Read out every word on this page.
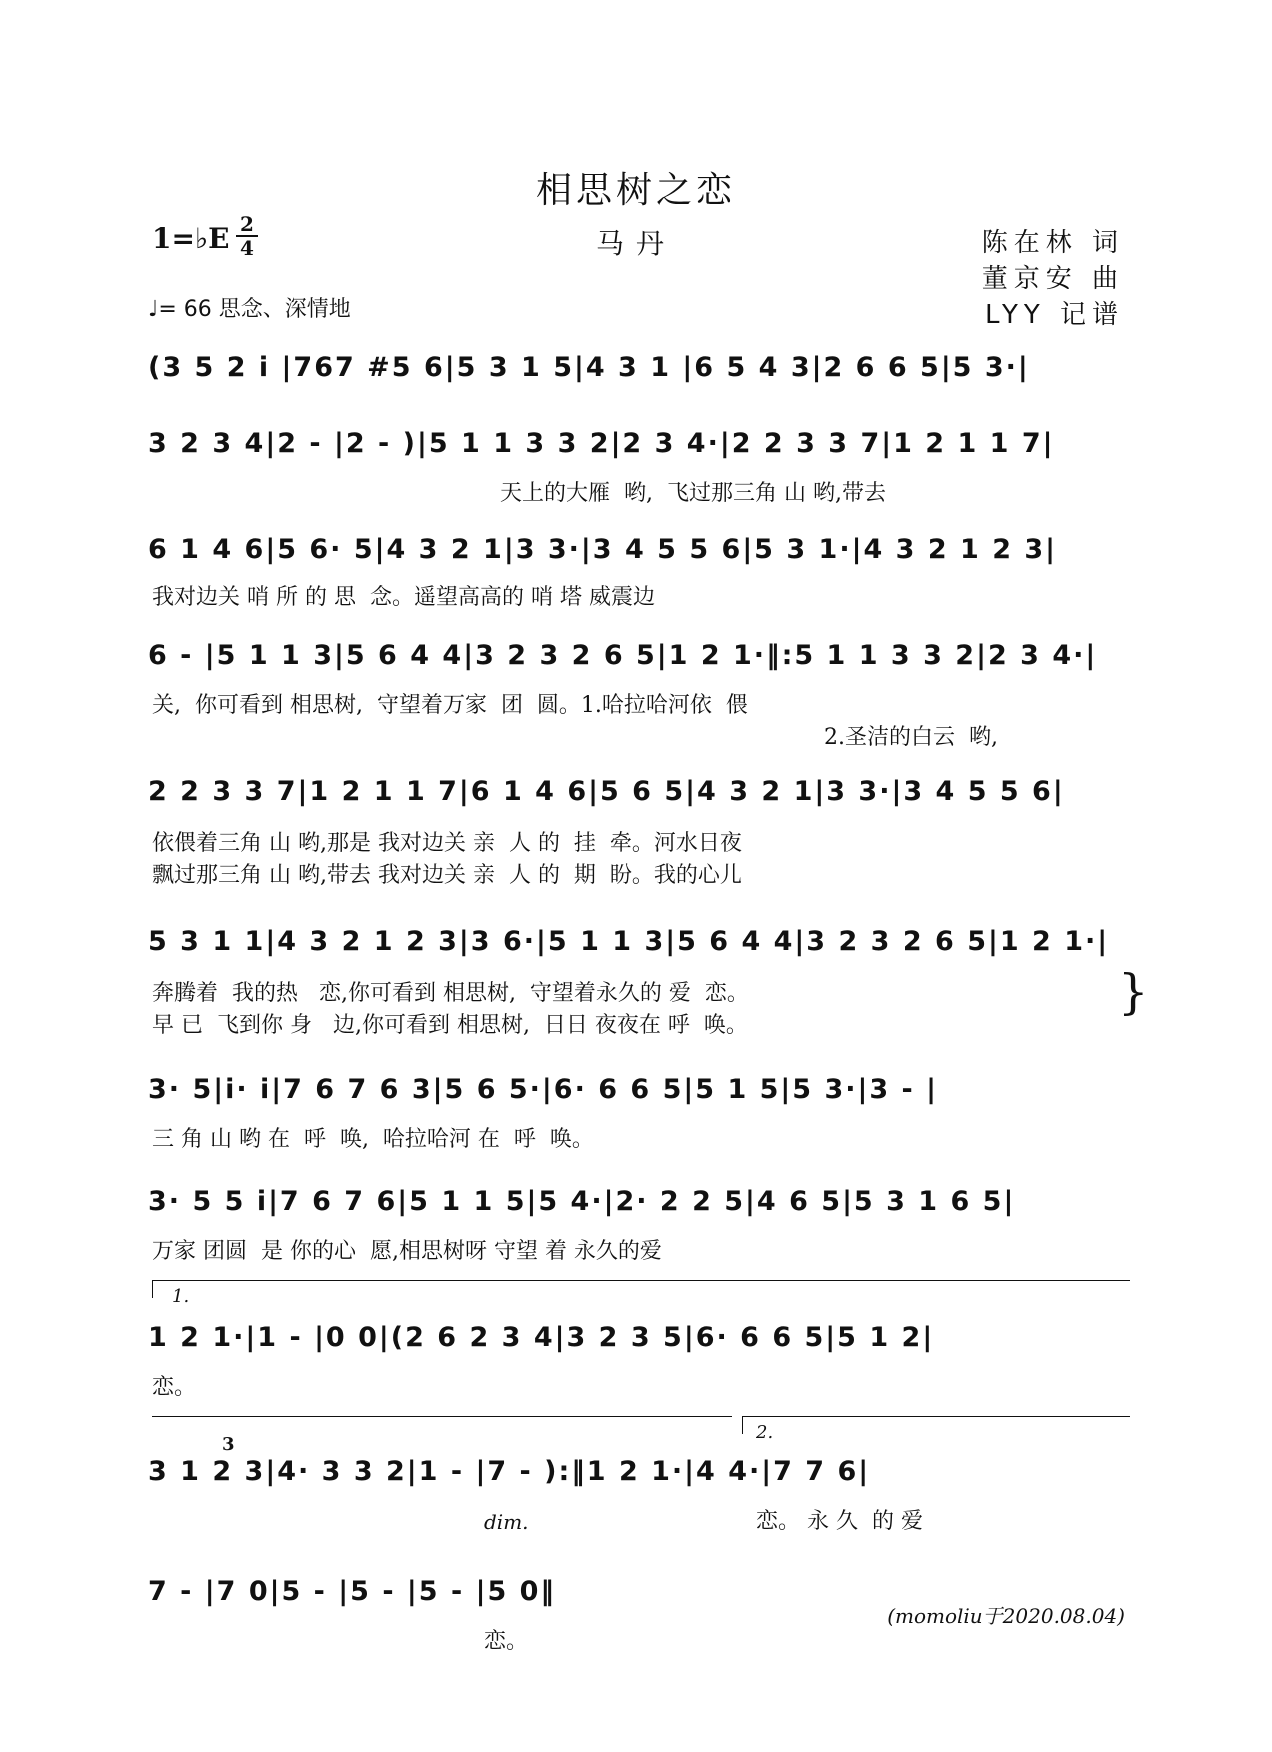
相思树之恋
1=♭E 2
4	马丹	陈在林 词
董京安 曲
LYY 记谱
♩= 66 思念、深情地
(3 5 2 i |767 #5 6|5 3 1 5|4 3 1 |6 5 4 3|2 6 6 5|5 3·|
3 2 3 4|2 - |2 - )|5 1 1 3 3 2|2 3 4·|2 2 3 3 7|1 2 1 1 7|
天上的大雁  哟,  飞过那三角 山 哟,带去
6 1 4 6|5 6· 5|4 3 2 1|3 3·|3 4 5 5 6|5 3 1·|4 3 2 1 2 3|
我对边关 哨 所 的 思  念。遥望高高的 哨 塔 威震边
6 - |5 1 1 3|5 6 4 4|3 2 3 2 6 5|1 2 1·‖:5 1 1 3 3 2|2 3 4·|
关,  你可看到 相思树,  守望着万家  团  圆。1.哈拉哈河依  偎
2.圣洁的白云  哟,
2 2 3 3 7|1 2 1 1 7|6 1 4 6|5 6 5|4 3 2 1|3 3·|3 4 5 5 6|
依偎着三角 山 哟,那是 我对边关 亲  人 的  挂  牵。河水日夜
飘过那三角 山 哟,带去 我对边关 亲  人 的  期  盼。我的心儿
5 3 1 1|4 3 2 1 2 3|3 6·|5 1 1 3|5 6 4 4|3 2 3 2 6 5|1 2 1·|
奔腾着  我的热   恋,你可看到 相思树,  守望着永久的 爱  恋。
早 已  飞到你 身   边,你可看到 相思树,  日日 夜夜在 呼  唤。
}
3· 5|i· i|7 6 7 6 3|5 6 5·|6· 6 6 5|5 1 5|5 3·|3 - |
三 角 山 哟 在  呼  唤,  哈拉哈河 在  呼  唤。
3· 5 5 i|7 6 7 6|5 1 1 5|5 4·|2· 2 2 5|4 6 5|5 3 1 6 5|
万家 团圆  是 你的心  愿,相思树呀 守望 着 永久的爱
1.
1 2 1·|1 - |0 0|(2 6 2 3 4|3 2 3 5|6· 6 6 5|5 1 2|
恋。
2.
3
3 1 2 3|4· 3 3 2|1 - |7 - ):‖1 2 1·|4 4·|7 7 6|
恋。 永 久  的 爱
dim.
7 - |7 0|5 - |5 - |5 - |5 0‖
恋。
(momoliu于2020.08.04)
